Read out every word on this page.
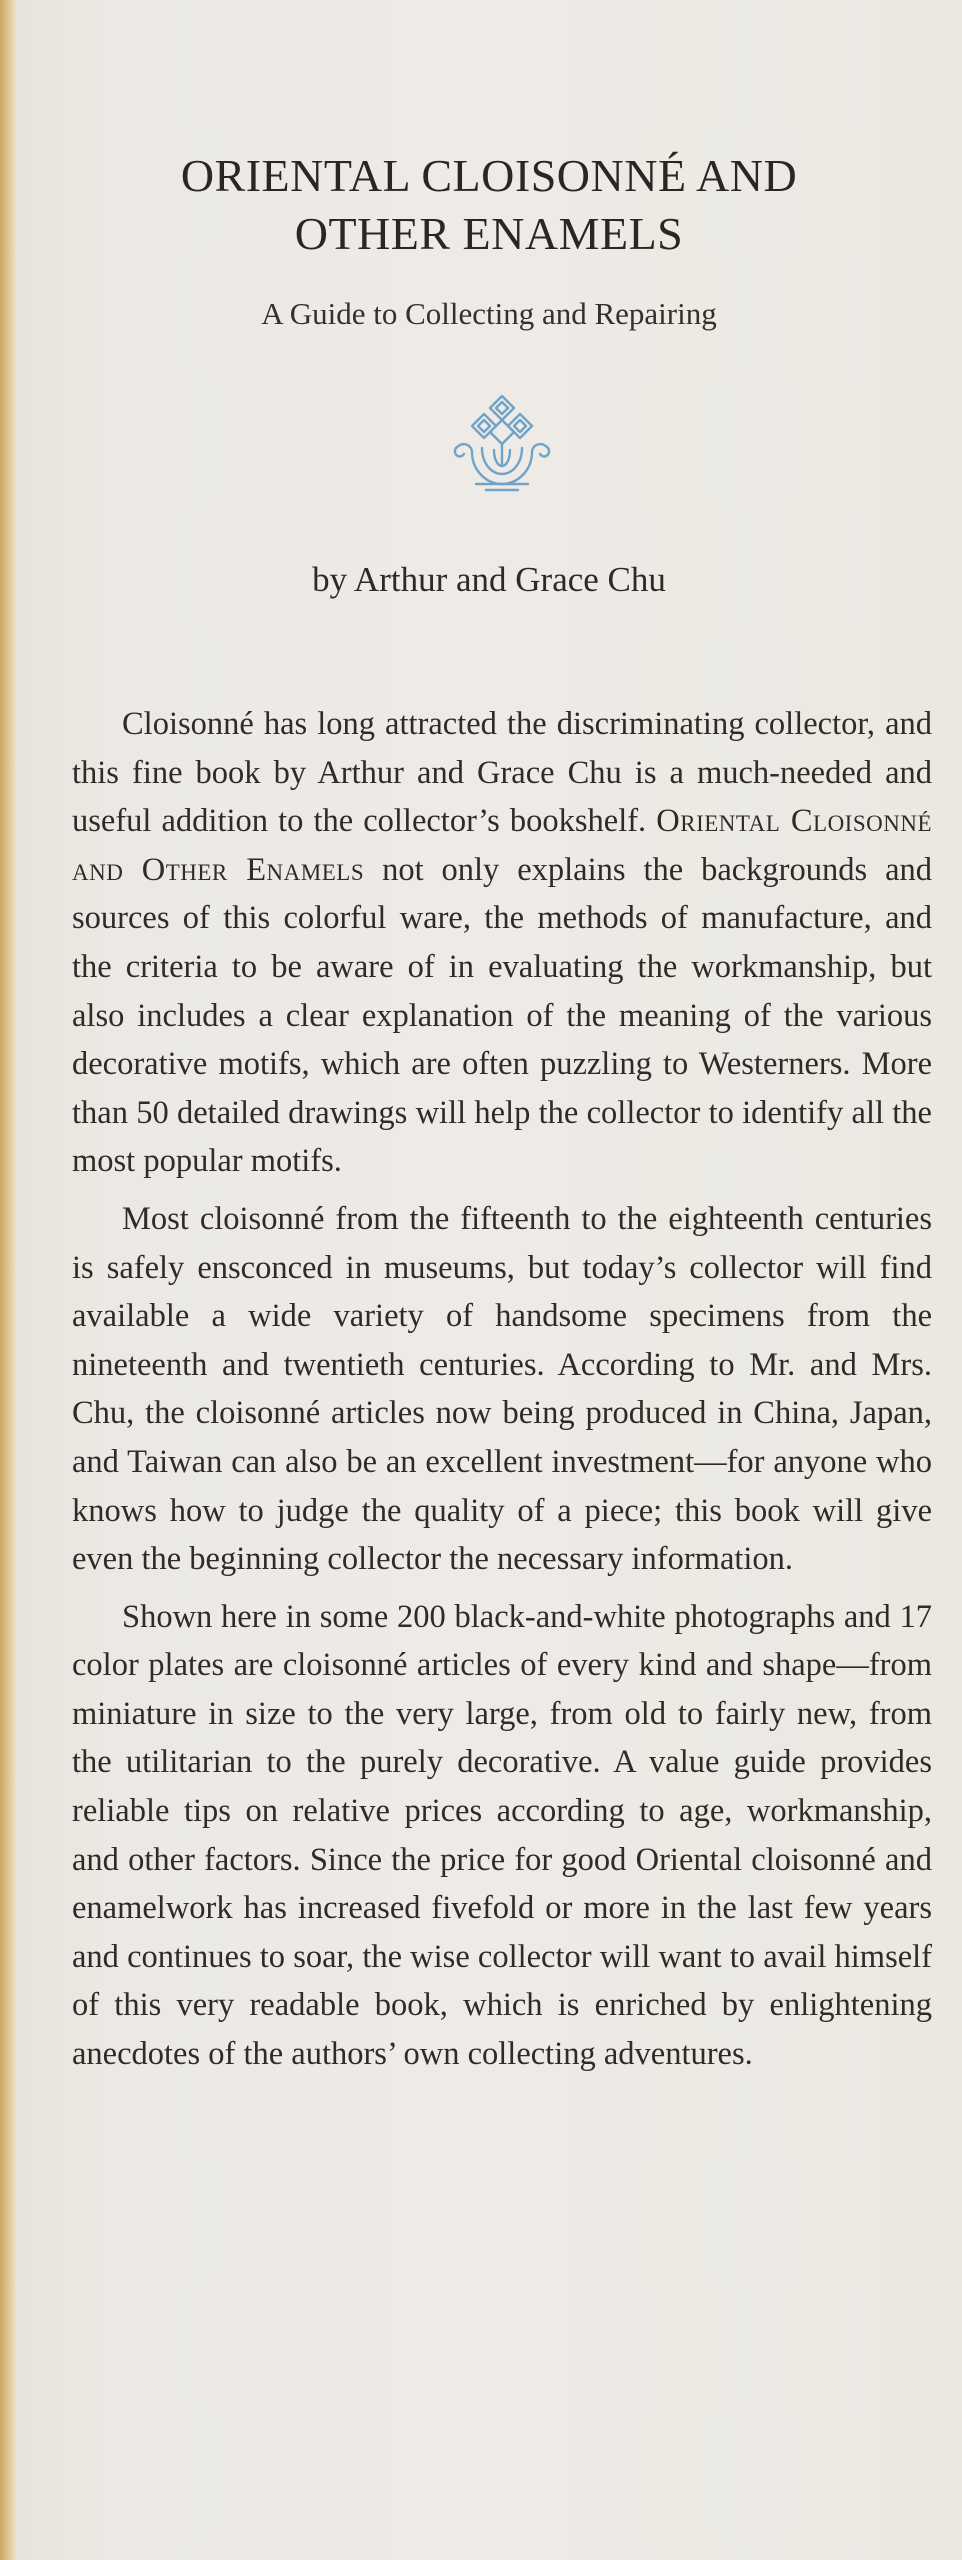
ORIENTAL CLOISONNÉ AND
OTHER ENAMELS
A Guide to Collecting and Repairing
by Arthur and Grace Chu

Cloisonné has long attracted the discriminating collector, and this fine book by Arthur and Grace Chu is a much-needed and useful addition to the collector’s bookshelf. Oriental Cloisonné and Other Enamels not only explains the backgrounds and sources of this colorful ware, the methods of manufacture, and the criteria to be aware of in evaluating the workmanship, but also includes a clear explanation of the meaning of the various decorative motifs, which are often puzzling to Westerners. More than 50 detailed drawings will help the collector to identify all the most popular motifs.

Most cloisonné from the fifteenth to the eighteenth centuries is safely ensconced in museums, but today’s collector will find available a wide variety of handsome specimens from the nineteenth and twentieth centuries. According to Mr. and Mrs. Chu, the cloisonné articles now being produced in China, Japan, and Taiwan can also be an excellent investment—for anyone who knows how to judge the quality of a piece; this book will give even the beginning collector the necessary information.

Shown here in some 200 black-and-white photographs and 17 color plates are cloisonné articles of every kind and shape—from miniature in size to the very large, from old to fairly new, from the utilitarian to the purely decorative. A value guide provides reliable tips on relative prices according to age, workmanship, and other factors. Since the price for good Oriental cloisonné and enamelwork has increased fivefold or more in the last few years and continues to soar, the wise collector will want to avail himself of this very readable book, which is enriched by enlightening anecdotes of the authors’ own collecting adventures.
